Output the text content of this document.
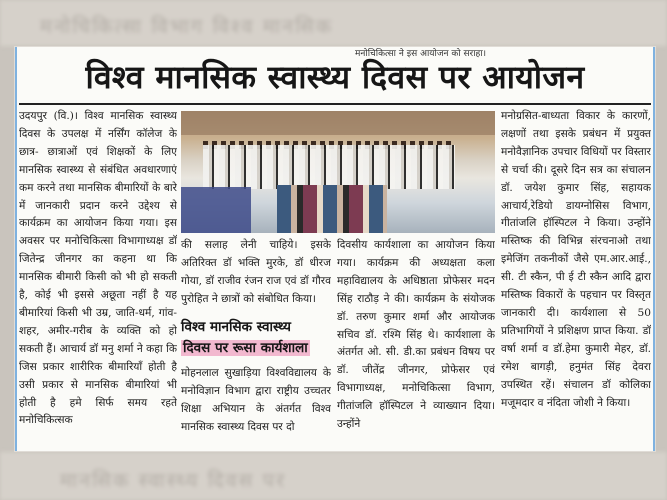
मनोचिकित्सा विभाग विश्व मानसिक
मानसिक स्वास्थ्य दिवस पर
मनोचिकित्सा ने इस आयोजन को सराहा।
विश्व मानसिक स्वास्थ्य दिवस पर आयोजन

उदयपुर (वि.)। विश्व मानसिक स्वास्थ्य दिवस के उपलक्ष में नर्सिंग कॉलेज के छात्र- छात्राओं एवं शिक्षकों के लिए मानसिक स्वास्थ्य से संबंधित अवधारणाएं कम करने तथा मानसिक बीमारियों के बारे में जानकारी प्रदान करने उद्देश्य से कार्यक्रम का आयोजन किया गया। इस अवसर पर मनोचिकित्सा विभागाध्यक्ष डॉ जितेन्द्र जीनगर का कहना था कि मानसिक बीमारी किसी को भी हो सकती है, कोई भी इससे अछूता नहीं है यह बीमारियां किसी भी उम्र, जाति-धर्म, गांव- शहर, अमीर-गरीब के व्यक्ति को हो सकती हैं। आचार्य डॉ मनु शर्मा ने कहा कि जिस प्रकार शारीरिक बीमारियाँ होती है उसी प्रकार से मानसिक बीमारियां भी होती है हमे सिर्फ समय रहते मनोचिकित्सक

की सलाह लेनी चाहिये। इसके अतिरिक्त डॉ भक्ति मुरके, डॉ धीरज गोया, डॉ राजीव रंजन राज एवं डॉ गौरव पुरोहित ने छात्रों को संबोधित किया।

विश्व मानसिक स्वास्थ्य
दिवस पर रूसा कार्यशाला

मोहनलाल सुखाड़िया विश्वविद्यालय के मनोविज्ञान विभाग द्वारा राष्ट्रीय उच्चतर शिक्षा अभियान के अंतर्गत विश्व मानसिक स्वास्थ्य दिवस पर दो

दिवसीय कार्यशाला का आयोजन किया गया। कार्यक्रम की अध्यक्षता कला महाविद्यालय के अधिष्ठाता प्रोफेसर मदन सिंह राठौड़ ने की। कार्यक्रम के संयोजक डॉ. तरुण कुमार शर्मा और आयोजक सचिव डॉ. रश्मि सिंह थे। कार्यशाला के अंतर्गत ओ. सी. डी.का प्रबंधन विषय पर डॉ. जीतेंद्र जीनगर, प्रोफेसर एवं विभागाध्यक्ष, मनोचिकित्सा विभाग, गीतांजलि हॉस्पिटल ने व्याख्यान दिया। उन्होंने

मनोग्रसित-बाध्यता विकार के कारणों, लक्षणों तथा इसके प्रबंधन में प्रयुक्त मनोवैज्ञानिक उपचार विधियों पर विस्तार से चर्चा की। दूसरे दिन सत्र का संचालन डॉ. जयेश कुमार सिंह, सहायक आचार्य,रेडियो डायग्नोसिस विभाग, गीतांजलि हॉस्पिटल ने किया। उन्होंने मस्तिष्क की विभिन्न संरचनाओ तथा इमेजिंग तकनीकों जैसे एम.आर.आई., सी. टी स्कैन, पी ई टी स्कैन आदि द्वारा मस्तिष्क विकारों के पहचान पर विस्तृत जानकारी दी। कार्यशाला से 50 प्रतिभागियों ने प्रशिक्षण प्राप्त किया. डॉ वर्षा शर्मा व डॉ.हेमा कुमारी मेहर, डॉ. रमेश बागड़ी, हनुमंत सिंह देवरा उपस्थित रहें। संचालन डॉ कोलिका मजूमदार व नंदिता जोशी ने किया।
